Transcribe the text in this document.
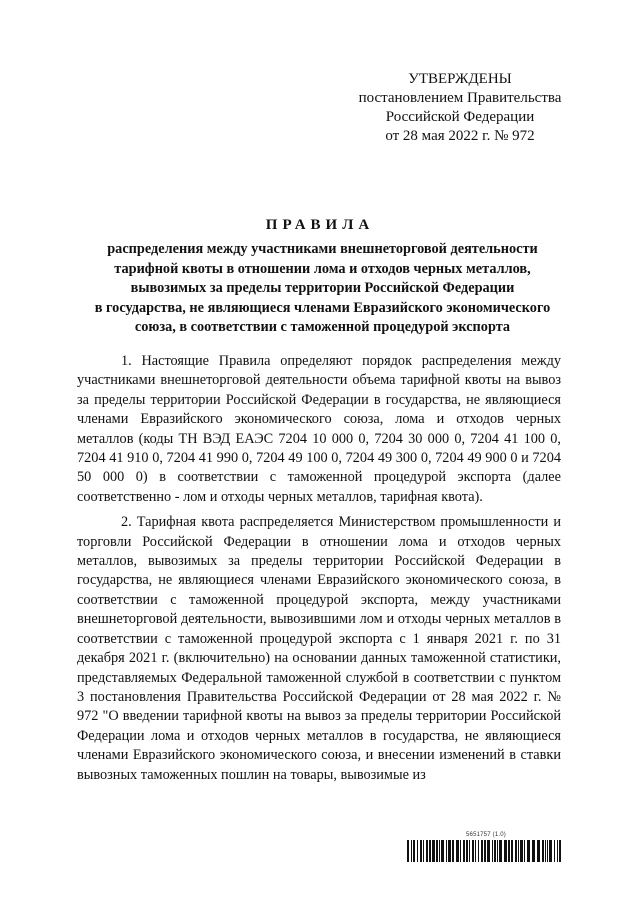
УТВЕРЖДЕНЫ
постановлением Правительства
Российской Федерации
от 28 мая 2022 г. № 972
ПРАВИЛА
распределения между участниками внешнеторговой деятельности
тарифной квоты в отношении лома и отходов черных металлов,
вывозимых за пределы территории Российской Федерации
в государства, не являющиеся членами Евразийского экономического
союза, в соответствии с таможенной процедурой экспорта

1. Настоящие Правила определяют порядок распределения между участниками внешнеторговой деятельности объема тарифной квоты на вывоз за пределы территории Российской Федерации в государства, не являющиеся членами Евразийского экономического союза, лома и отходов черных металлов (коды ТН ВЭД ЕАЭС 7204 10 000 0, 7204 30 000 0, 7204 41 100 0, 7204 41 910 0, 7204 41 990 0, 7204 49 100 0, 7204 49 300 0, 7204 49 900 0 и 7204 50 000 0) в соответствии с таможенной процедурой экспорта (далее соответственно - лом и отходы черных металлов, тарифная квота).

2. Тарифная квота распределяется Министерством промышленности и торговли Российской Федерации в отношении лома и отходов черных металлов, вывозимых за пределы территории Российской Федерации в государства, не являющиеся членами Евразийского экономического союза, в соответствии с таможенной процедурой экспорта, между участниками внешнеторговой деятельности, вывозившими лом и отходы черных металлов в соответствии с таможенной процедурой экспорта с 1 января 2021 г. по 31 декабря 2021 г. (включительно) на основании данных таможенной статистики, представляемых Федеральной таможенной службой в соответствии с пунктом 3 постановления Правительства Российской Федерации от 28 мая 2022 г. № 972 "О введении тарифной квоты на вывоз за пределы территории Российской Федерации лома и отходов черных металлов в государства, не являющиеся членами Евразийского экономического союза, и внесении изменений в ставки вывозных таможенных пошлин на товары, вывозимые из

5651757 (1.0)
